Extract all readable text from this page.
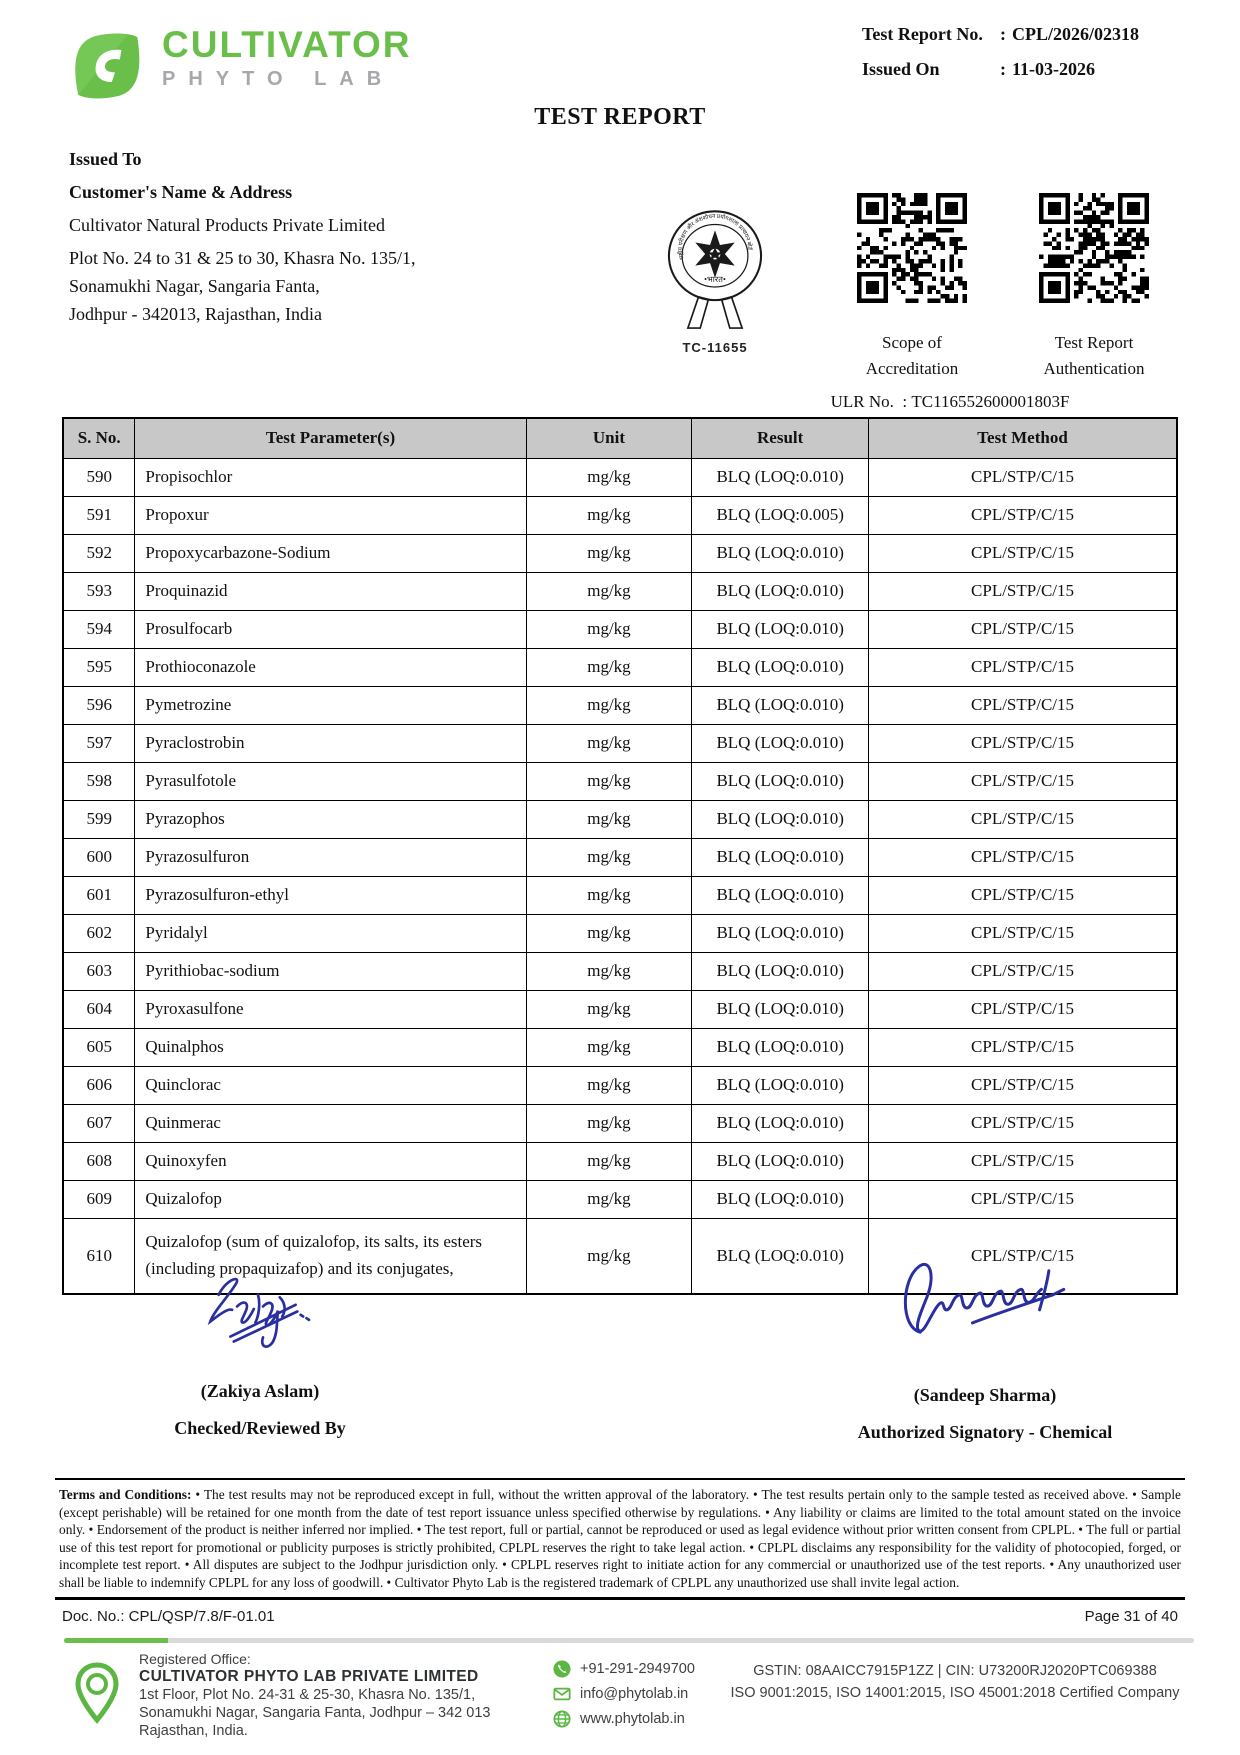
CULTIVATOR
PHYTO LAB
Test Report No. : CPL/2026/02318
Issued On	: 11-03-2026
TEST REPORT
Issued To
Customer's Name & Address
Cultivator Natural Products Private Limited
Plot No. 24 to 31 & 25 to 30, Khasra No. 135/1,
Sonamukhi Nagar, Sangaria Fanta,
Jodhpur - 342013, Rajasthan, India
राष्ट्रीय परीक्षण और अंशशोधन प्रयोगशाला प्रत्यायन बोर्ड
•भारत•
TC-11655	Scope of
Accreditation
Test Report
Authentication
ULR No. : TC116552600001803F
S. No.	Test Parameter(s)	Unit	Result	Test Method
590	Propisochlor	mg/kg	BLQ (LOQ:0.010)	CPL/STP/C/15
591	Propoxur	mg/kg	BLQ (LOQ:0.005)	CPL/STP/C/15
592	Propoxycarbazone-Sodium	mg/kg	BLQ (LOQ:0.010)	CPL/STP/C/15
593	Proquinazid	mg/kg	BLQ (LOQ:0.010)	CPL/STP/C/15
594	Prosulfocarb	mg/kg	BLQ (LOQ:0.010)	CPL/STP/C/15
595	Prothioconazole	mg/kg	BLQ (LOQ:0.010)	CPL/STP/C/15
596	Pymetrozine	mg/kg	BLQ (LOQ:0.010)	CPL/STP/C/15
597	Pyraclostrobin	mg/kg	BLQ (LOQ:0.010)	CPL/STP/C/15
598	Pyrasulfotole	mg/kg	BLQ (LOQ:0.010)	CPL/STP/C/15
599	Pyrazophos	mg/kg	BLQ (LOQ:0.010)	CPL/STP/C/15
600	Pyrazosulfuron	mg/kg	BLQ (LOQ:0.010)	CPL/STP/C/15
601	Pyrazosulfuron-ethyl	mg/kg	BLQ (LOQ:0.010)	CPL/STP/C/15
602	Pyridalyl	mg/kg	BLQ (LOQ:0.010)	CPL/STP/C/15
603	Pyrithiobac-sodium	mg/kg	BLQ (LOQ:0.010)	CPL/STP/C/15
604	Pyroxasulfone	mg/kg	BLQ (LOQ:0.010)	CPL/STP/C/15
605	Quinalphos	mg/kg	BLQ (LOQ:0.010)	CPL/STP/C/15
606	Quinclorac	mg/kg	BLQ (LOQ:0.010)	CPL/STP/C/15
607	Quinmerac	mg/kg	BLQ (LOQ:0.010)	CPL/STP/C/15
608	Quinoxyfen	mg/kg	BLQ (LOQ:0.010)	CPL/STP/C/15
609	Quizalofop	mg/kg	BLQ (LOQ:0.010)	CPL/STP/C/15
610	Quizalofop (sum of quizalofop, its salts, its esters (including propaquizafop) and its conjugates,	mg/kg	BLQ (LOQ:0.010)	CPL/STP/C/15
(Zakiya Aslam)
Checked/Reviewed By
(Sandeep Sharma)
Authorized Signatory - Chemical
Terms and Conditions: • The test results may not be reproduced except in full, without the written approval of the laboratory. • The test results pertain only to the sample tested as received above. • Sample (except perishable) will be retained for one month from the date of test report issuance unless specified otherwise by regulations. • Any liability or claims are limited to the total amount stated on the invoice only. • Endorsement of the product is neither inferred nor implied. • The test report, full or partial, cannot be reproduced or used as legal evidence without prior written consent from CPLPL. • The full or partial use of this test report for promotional or publicity purposes is strictly prohibited, CPLPL reserves the right to take legal action. • CPLPL disclaims any responsibility for the validity of photocopied, forged, or incomplete test report. • All disputes are subject to the Jodhpur jurisdiction only. • CPLPL reserves right to initiate action for any commercial or unauthorized use of the test reports. • Any unauthorized user shall be liable to indemnify CPLPL for any loss of goodwill. • Cultivator Phyto Lab is the registered trademark of CPLPL any unauthorized use shall invite legal action.
Doc. No.: CPL/QSP/7.8/F-01.01	Page 31 of 40
Registered Office:
CULTIVATOR PHYTO LAB PRIVATE LIMITED
1st Floor, Plot No. 24-31 & 25-30, Khasra No. 135/1,
Sonamukhi Nagar, Sangaria Fanta, Jodhpur – 342 013
Rajasthan, India.
+91-291-2949700
info@phytolab.in
www.phytolab.in
GSTIN: 08AAICC7915P1ZZ | CIN: U73200RJ2020PTC069388
ISO 9001:2015, ISO 14001:2015, ISO 45001:2018 Certified Company
